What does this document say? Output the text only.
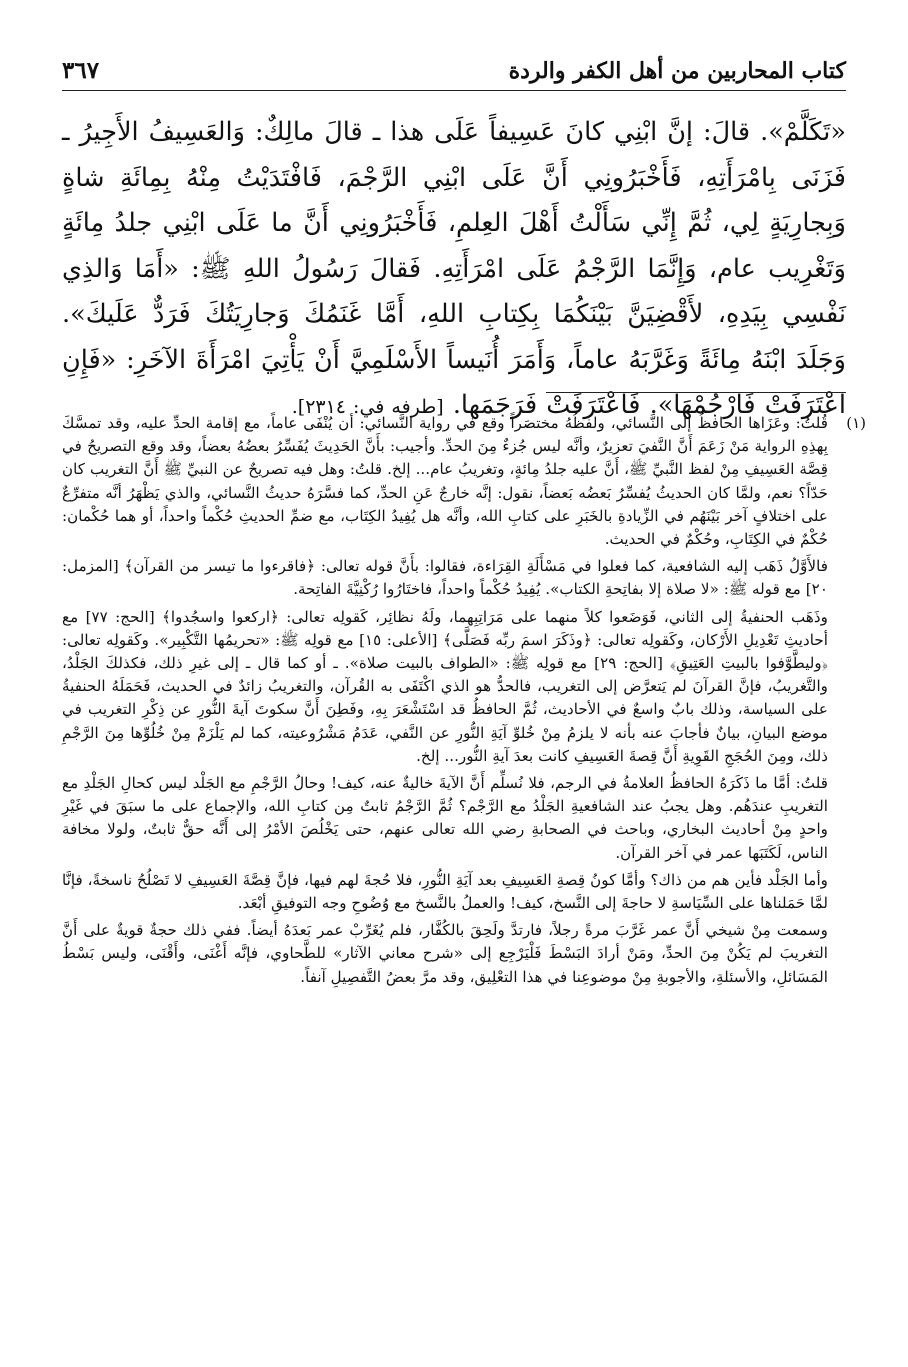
كتاب المحاربين من أهل الكفر والردة
٣٦٧

«تَكَلَّمْ». قالَ: إنَّ ابْنِي كانَ عَسِيفاً عَلَى هذا ـ قالَ مالِكٌ: وَالعَسِيفُ الأَجِيرُ ـ فَزَنَى بِامْرَأَتِهِ، فَأَخْبَرُونِي أَنَّ عَلَى ابْنِي الرَّجْمَ، فَافْتَدَيْتُ مِنْهُ بِمِائَةِ شاةٍ وَبِجارِيَةٍ لِي، ثُمَّ إِنِّي سَأَلْتُ أَهْلَ العِلمِ، فَأَخْبَرُونِي أَنَّ ما عَلَى ابْنِي جلدُ مِائَةٍ وَتَغْرِيب عام، وَإِنَّمَا الرَّجْمُ عَلَى امْرَأَتِهِ. فَقالَ رَسُولُ اللهِ ﷺ: «أَمَا وَالذِي نَفْسِي بِيَدِهِ، لأَقْضِيَنَّ بَيْنَكُمَا بِكِتابِ اللهِ، أَمَّا غَنَمُكَ وَجارِيَتُكَ فَرَدٌّ عَلَيكَ». وَجَلَدَ ابْنَهُ مِائَةً وَغَرَّبَهُ عاماً، وَأَمَرَ أُنَيساً الأَسْلَمِيَّ أَنْ يَأْتِيَ امْرَأَةَ الآخَرِ: «فَإِنِ اعْتَرَفَتْ فَارْجُمْهَا». فَاعْتَرَفَتْ فَرَجَمَها. [طرفه في: ٢٣١٤].

(١)

قُلتُ: وعَزَاها الحافظُ إلى النَّسائي، ولفظُهُ مختصَراً وقع في رواية النَّسائي: أن يُنْفَى عاماً، مع إقامة الحدِّ عليه، وقد تمسَّكَ بِهذِهِ الرواية مَنْ زَعَمَ أَنَّ النَّفيَ تعزيرٌ، وأنَّه ليس جُزءٌ مِنَ الحدِّ. وأجيب: بأَنَّ الحَدِيثَ يُفَسِّرُ بعضُهُ بعضاً، وقد وقع التصريحُ في قِصَّة العَسِيفِ مِنْ لفظ النَّبيِّ ﷺ، أَنَّ عليه جلدُ مِائةٍ، وتغريبُ عام... إلخ. قلتُ: وهل فيه تصريحٌ عن النبيِّ ﷺ أَنَّ التغريب كان حَدّاً؟ نعم، ولمَّا كان الحديثُ يُفسِّرُ بَعضُه بَعضاً، نقول: إنَّه خارجٌ عَنِ الحدِّ، كما فسَّرَهُ حديثُ النَّسائي، والذي يَظْهَرُ أنَّه متفرِّعٌ على اختلافٍ آخر بَيْنَهُم في الزِّيادةِ بالخَبَرِ على كتابِ الله، وأنَّه هل يُفِيدُ الكِتَاب، مع ضمِّ الحديثِ حُكْماً واحداً، أو هما حُكْمان: حُكْمٌ في الكِتَابِ، وحُكْمٌ في الحديث.

فالأَوَّلُ ذَهَب إليه الشافعية، كما فعلوا في مَسْأَلَةِ القِرَاءة، فقالوا: بأَنَّ قوله تعالى: ﴿فاقرءوا ما تيسر من القرآن﴾ [المزمل: ٢٠] مع قوله ﷺ: «لا صلاة إلا بفاتِحةِ الكتاب». يُفِيدُ حُكْماً واحداً، فاختَارُوا رُكْنِيَّةَ الفاتِحة.

وذَهَب الحنفيةُ إلى الثاني، فَوَضَعوا كلاً منهما على مَرَاتِبِهما، ولَهُ نظائِر، كَقولِه تعالى: ﴿اركعوا واسجُدوا﴾ [الحج: ٧٧] مع أحاديثِ تَعْدِيلِ الأَرْكان، وكَقولِه تعالى: ﴿وذَكَرَ اسمَ ربِّه فَصَلَّى﴾ [الأعلى: ١٥] مع قولِه ﷺ: «تحريمُها التَّكْبِير». وكَقولِه تعالى: ﴿وليطَّوَّفوا بالبيتِ العَتِيقِ﴾ [الحج: ٢٩] مع قولِه ﷺ: «الطواف بالبيت صلاة». ـ أو كما قال ـ إلى غيرِ ذلك، فكذلكَ الجَلْدُ، والتَّغريبُ، فإنَّ القرآنَ لم يَتعرَّض إلى التغريب، فالحدُّ هو الذي اكْتَفَى به القُرآن، والتغريبُ زائدٌ في الحديث، فَحَمَلَهُ الحنفيةُ على السياسة، وذلك بابٌ واسعٌ في الأحاديث، ثُمَّ الحافظُ قد اسْتَشْعَرَ بِهِ، وفَطِنَ أَنَّ سكوتَ آيةَ النُّورِ عن ذِكْرِ التغريب في موضع البيانِ، بيانٌ فأجابَ عنه بأنه لا يلزمُ مِنْ خُلوِّ آيَةِ النُّورِ عن النَّفي، عَدَمُ مَشْرُوعيته، كما لم يَلْزَمْ مِنْ خُلُوِّها مِنَ الرَّجْمِ ذلك، ومِنَ الحُجَجِ القَوِيةِ أَنَّ قِصةَ العَسِيفِ كانت بعدَ آيةِ النُّور... إلخ.

قلتُ: أمَّا ما ذَكَرَهُ الحافظُ العلامةُ في الرجم، فلا نُسلِّم أَنَّ الآيةَ خاليةٌ عنه، كيف! وحالُ الرَّجْمِ مع الجَلْد ليس كحالِ الجَلْدِ مع التغريبِ عندَهُم. وهل يجبُ عند الشافعيةِ الجَلْدُ مع الرَّجْم؟ ثُمَّ الرَّجْمُ ثابتٌ مِن كتابِ الله، والإجماع على ما سبَقَ في غَيْرِ واحدٍ مِنْ أحاديث البخاري، وباحث في الصحابةِ رضي الله تعالى عنهم، حتى يَخْلُصَ الأمْرُ إلى أَنَّه حقٌّ ثابتٌ، ولولا مخافة الناس، لَكَتَبَها عمر في آخر القرآن.

وأما الجَلْد فأين هم من ذاك؟ وأمَّا كونُ قِصةِ العَسِيفِ بعد آيَةِ النُّورِ، فلا حُجةَ لهم فيها، فإنَّ قِصَّةَ العَسِيفِ لا تَصْلُحُ ناسخةً، فإنَّا لمَّا حَمَلناها على السِّيَاسةِ لا حاجةَ إلى النَّسخ، كيف! والعملُ بالنَّسخ مع وُضُوحِ وجه التوفيقِ أبْعَد.

وسمعت مِنْ شيخي أَنَّ عمر غَرَّبَ مرةً رجلاً، فارتدَّ ولَحِقَ بالكُفَّار، فلم يُغَرِّبْ عمر بَعدَهُ أيضاً. ففي ذلك حجةٌ قويةٌ على أَنَّ التغريبَ لم يَكُنْ مِنَ الحدِّ، ومَنْ أرادَ البَسْطَ فَلْيَرْجِع إلى «شرح معاني الآثار» للطَّحاوي، فإنَّه أَغْنَى، وأَقْنَى، وليس بَسْطُ المَسَائلِ، والأسئلةِ، والأجوبةِ مِنْ موضوعِنا في هذا التعْلِيق، وقد مرَّ بعضُ التَّفصِيلِ آنفاً.
